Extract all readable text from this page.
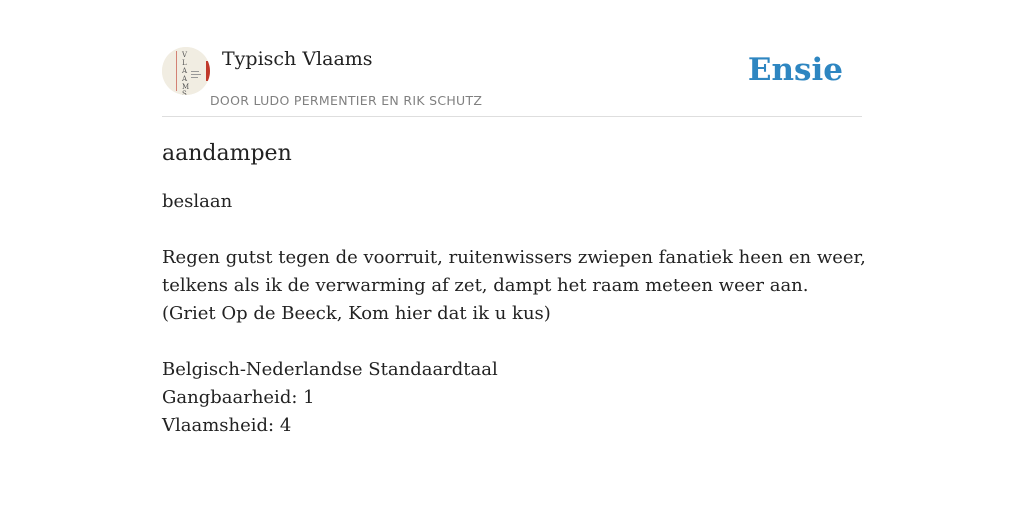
V
L
A
A
M
S
Typisch Vlaams
DOOR LUDO PERMENTIER EN RIK SCHUTZ
Ensie
aandampen
beslaan
Regen gutst tegen de voorruit, ruitenwissers zwiepen fanatiek heen en weer,
telkens als ik de verwarming af zet, dampt het raam meteen weer aan.
(Griet Op de Beeck, Kom hier dat ik u kus)
Belgisch-Nederlandse Standaardtaal
Gangbaarheid: 1
Vlaamsheid: 4
